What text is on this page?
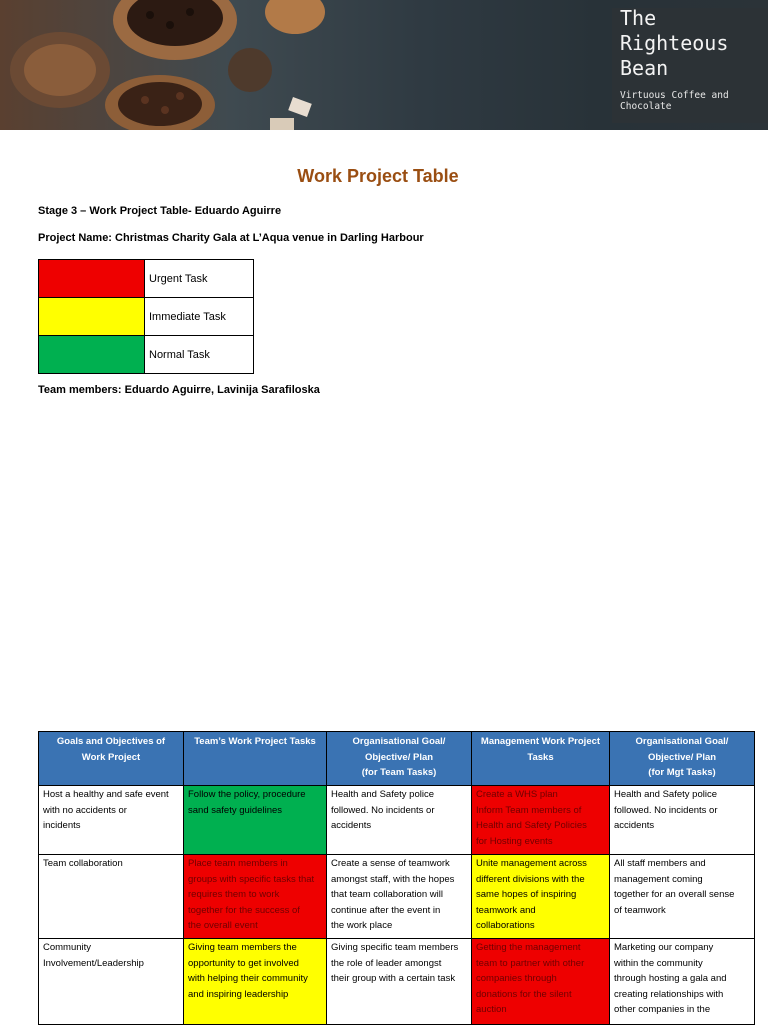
The
Righteous
Bean
Virtuous Coffee and
Chocolate
Work Project Table
Stage 3 – Work Project Table- Eduardo Aguirre
Project Name: Christmas Charity Gala at L’Aqua venue in Darling Harbour
	Urgent Task
	Immediate Task
	Normal Task
Team members: Eduardo Aguirre, Lavinija Sarafiloska
Goals and Objectives of
Work Project	Team’s Work Project Tasks	Organisational Goal/
Objective/ Plan
(for Team Tasks)	Management Work Project
Tasks	Organisational Goal/
Objective/ Plan
(for Mgt Tasks)

Host a healthy and safe event
with no accidents or
incidents	Follow the policy, procedure
sand safety guidelines	Health and Safety police
followed. No incidents or
accidents	Create a WHS plan
Inform Team members of
Health and Safety Policies
for Hosting events	Health and Safety police
followed. No incidents or
accidents

Team collaboration	Place team members in
groups with specific tasks that
requires them to work
together for the success of
the overall event	Create a sense of teamwork
amongst staff, with the hopes
that team collaboration will
continue after the event in
the work place	Unite management across
different divisions with the
same hopes of inspiring
teamwork and
collaborations	All staff members and
management coming
together for an overall sense
of teamwork

Community
Involvement/Leadership	Giving team members the
opportunity to get involved
with helping their community
and inspiring leadership	Giving specific team members
the role of leader amongst
their group with a certain task	Getting the management
team to partner with other
companies through
donations for the silent
auction	Marketing our company
within the community
through hosting a gala and
creating relationships with
other companies in the
